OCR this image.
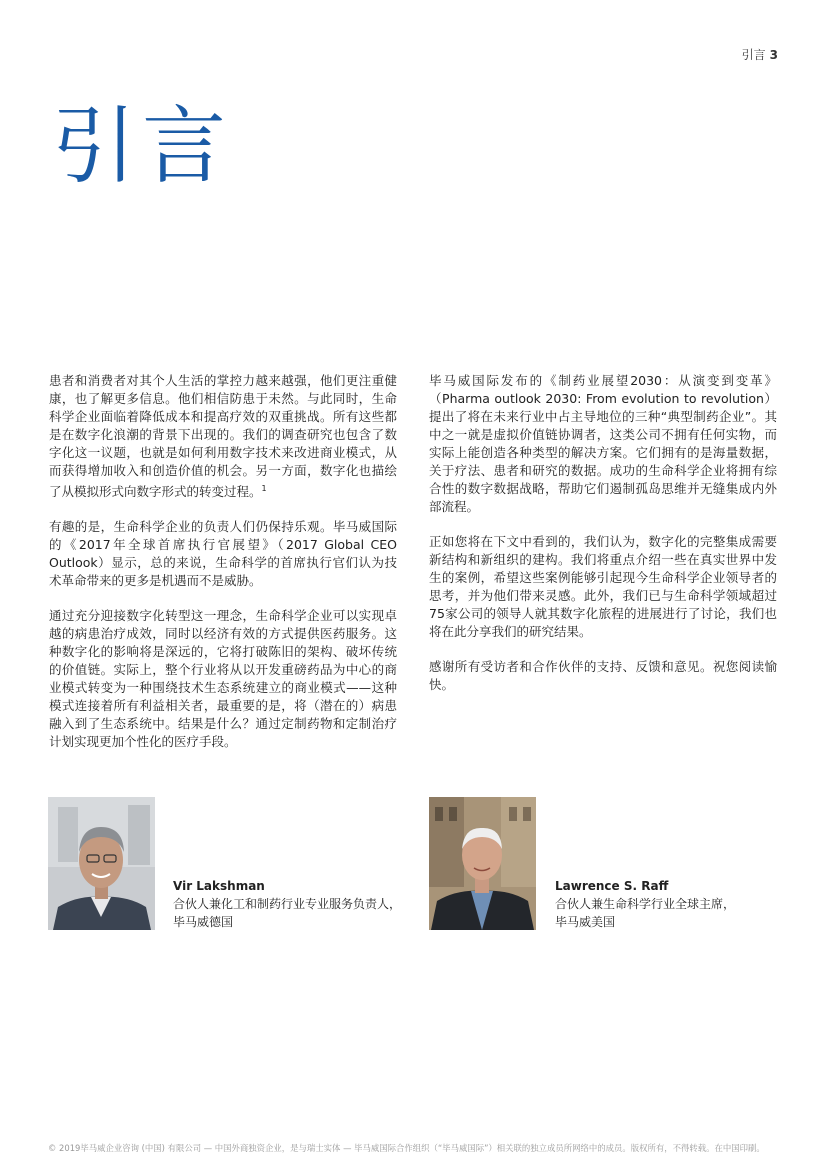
引言 3
引言

患者和消费者对其个人生活的掌控力越来越强，他们更注重健康，也了解更多信息。他们相信防患于未然。与此同时，生命科学企业面临着降低成本和提高疗效的双重挑战。所有这些都是在数字化浪潮的背景下出现的。我们的调查研究也包含了数字化这一议题，也就是如何利用数字技术来改进商业模式，从而获得增加收入和创造价值的机会。另一方面，数字化也描绘了从模拟形式向数字形式的转变过程。$^1$

有趣的是，生命科学企业的负责人们仍保持乐观。毕马威国际的《2017年全球首席执行官展望》（2017 Global CEO Outlook）显示，总的来说，生命科学的首席执行官们认为技术革命带来的更多是机遇而不是威胁。

通过充分迎接数字化转型这一理念，生命科学企业可以实现卓越的病患治疗成效，同时以经济有效的方式提供医药服务。这种数字化的影响将是深远的，它将打破陈旧的架构、破坏传统的价值链。实际上，整个行业将从以开发重磅药品为中心的商业模式转变为一种围绕技术生态系统建立的商业模式——这种模式连接着所有利益相关者，最重要的是，将（潜在的）病患融入到了生态系统中。结果是什么？通过定制药物和定制治疗计划实现更加个性化的医疗手段。

毕马威国际发布的《制药业展望2030：从演变到变革》（Pharma outlook 2030: From evolution to revolution）提出了将在未来行业中占主导地位的三种“典型制药企业”。其中之一就是虚拟价值链协调者，这类公司不拥有任何实物，而实际上能创造各种类型的解决方案。它们拥有的是海量数据，关于疗法、患者和研究的数据。成功的生命科学企业将拥有综合性的数字数据战略，帮助它们遏制孤岛思维并无缝集成内外部流程。

正如您将在下文中看到的，我们认为，数字化的完整集成需要新结构和新组织的建构。我们将重点介绍一些在真实世界中发生的案例，希望这些案例能够引起现今生命科学企业领导者的思考，并为他们带来灵感。此外，我们已与生命科学领域超过75家公司的领导人就其数字化旅程的进展进行了讨论，我们也将在此分享我们的研究结果。

感谢所有受访者和合作伙伴的支持、反馈和意见。祝您阅读愉快。

Vir Lakshman
合伙人兼化工和制药行业专业服务负责人，
毕马威德国
Lawrence S. Raff
合伙人兼生命科学行业全球主席，
毕马威美国
© 2019毕马威企业咨询 (中国) 有限公司 — 中国外商独资企业，是与瑞士实体 — 毕马威国际合作组织（“毕马威国际”）相关联的独立成员所网络中的成员。版权所有，不得转载。在中国印刷。
